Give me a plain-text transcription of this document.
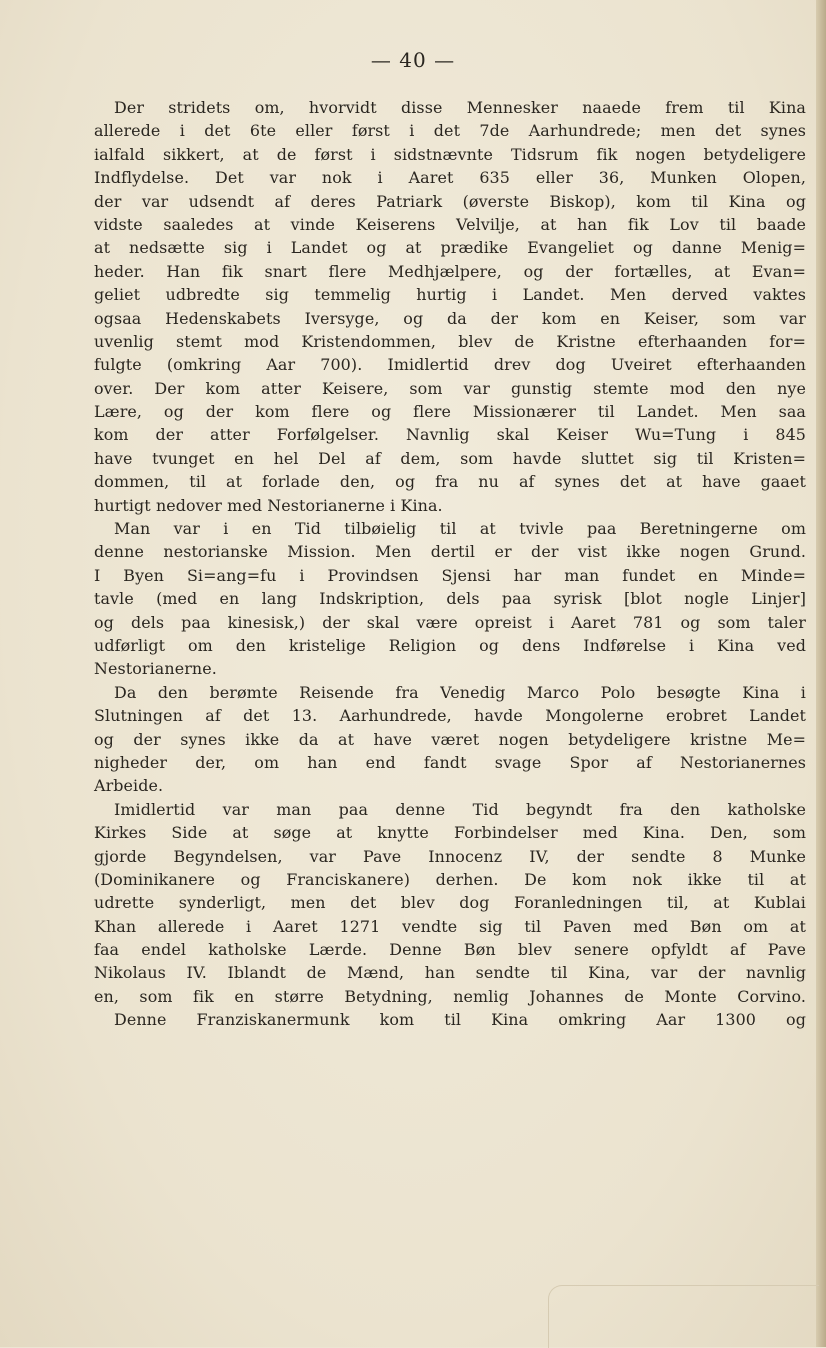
— 40 —
Der stridets om, hvorvidt disse Mennesker naaede frem til Kina
allerede i det 6te eller først i det 7de Aarhundrede; men det synes
ialfald sikkert, at de først i sidstnævnte Tidsrum fik nogen betydeligere
Indflydelse. Det var nok i Aaret 635 eller 36, Munken Olopen,
der var udsendt af deres Patriark (øverste Biskop), kom til Kina og
vidste saaledes at vinde Keiserens Velvilje, at han fik Lov til baade
at nedsætte sig i Landet og at prædike Evangeliet og danne Menig=
heder. Han fik snart flere Medhjælpere, og der fortælles, at Evan=
geliet udbredte sig temmelig hurtig i Landet. Men derved vaktes
ogsaa Hedenskabets Iversyge, og da der kom en Keiser, som var
uvenlig stemt mod Kristendommen, blev de Kristne efterhaanden for=
fulgte (omkring Aar 700). Imidlertid drev dog Uveiret efterhaanden
over. Der kom atter Keisere, som var gunstig stemte mod den nye
Lære, og der kom flere og flere Missionærer til Landet. Men saa
kom der atter Forfølgelser. Navnlig skal Keiser Wu=Tung i 845
have tvunget en hel Del af dem, som havde sluttet sig til Kristen=
dommen, til at forlade den, og fra nu af synes det at have gaaet
hurtigt nedover med Nestorianerne i Kina.
Man var i en Tid tilbøielig til at tvivle paa Beretningerne om
denne nestorianske Mission. Men dertil er der vist ikke nogen Grund.
I Byen Si=ang=fu i Provindsen Sjensi har man fundet en Minde=
tavle (med en lang Indskription, dels paa syrisk [blot nogle Linjer]
og dels paa kinesisk,) der skal være opreist i Aaret 781 og som taler
udførligt om den kristelige Religion og dens Indførelse i Kina ved
Nestorianerne.
Da den berømte Reisende fra Venedig Marco Polo besøgte Kina i
Slutningen af det 13. Aarhundrede, havde Mongolerne erobret Landet
og der synes ikke da at have været nogen betydeligere kristne Me=
nigheder der, om han end fandt svage Spor af Nestorianernes
Arbeide.
Imidlertid var man paa denne Tid begyndt fra den katholske
Kirkes Side at søge at knytte Forbindelser med Kina. Den, som
gjorde Begyndelsen, var Pave Innocenz IV, der sendte 8 Munke
(Dominikanere og Franciskanere) derhen. De kom nok ikke til at
udrette synderligt, men det blev dog Foranledningen til, at Kublai
Khan allerede i Aaret 1271 vendte sig til Paven med Bøn om at
faa endel katholske Lærde. Denne Bøn blev senere opfyldt af Pave
Nikolaus IV. Iblandt de Mænd, han sendte til Kina, var der navnlig
en, som fik en større Betydning, nemlig Johannes de Monte Corvino.
Denne Franziskanermunk kom til Kina omkring Aar 1300 og
